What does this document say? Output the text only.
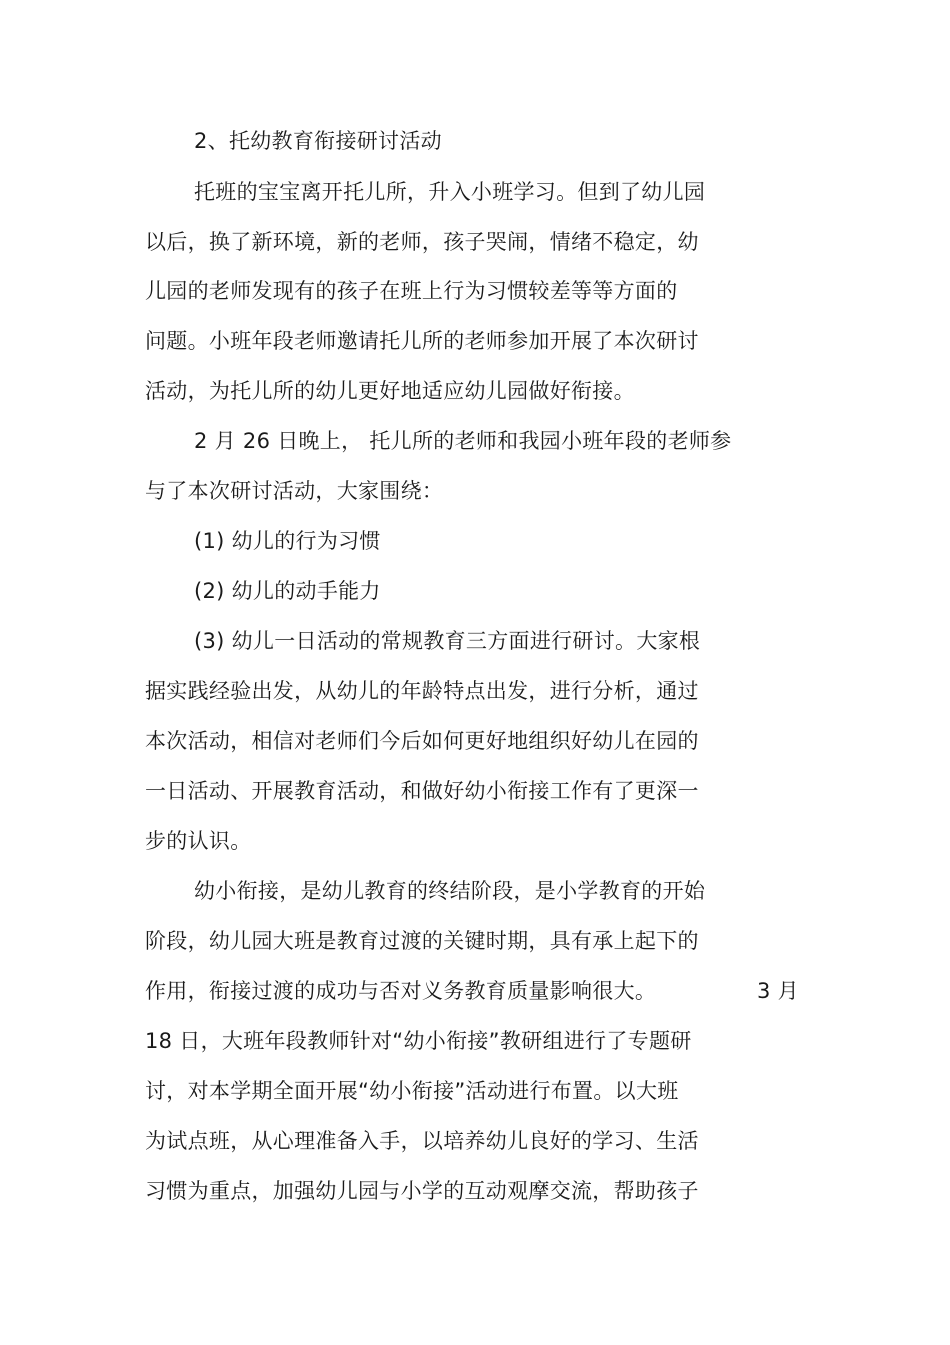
2、托幼教育衔接研讨活动
托班的宝宝离开托儿所，升入小班学习。但到了幼儿园
以后，换了新环境，新的老师，孩子哭闹，情绪不稳定，幼
儿园的老师发现有的孩子在班上行为习惯较差等等方面的
问题。小班年段老师邀请托儿所的老师参加开展了本次研讨
活动，为托儿所的幼儿更好地适应幼儿园做好衔接。
2 月 26 日晚上， 托儿所的老师和我园小班年段的老师参
与了本次研讨活动，大家围绕：
(1) 幼儿的行为习惯
(2) 幼儿的动手能力
(3) 幼儿一日活动的常规教育三方面进行研讨。大家根
据实践经验出发，从幼儿的年龄特点出发，进行分析，通过
本次活动，相信对老师们今后如何更好地组织好幼儿在园的
一日活动、开展教育活动，和做好幼小衔接工作有了更深一
步的认识。
幼小衔接，是幼儿教育的终结阶段，是小学教育的开始
阶段，幼儿园大班是教育过渡的关键时期，具有承上起下的
作用，衔接过渡的成功与否对义务教育质量影响很大。	3 月
18 日，大班年段教师针对“幼小衔接”教研组进行了专题研
讨，对本学期全面开展“幼小衔接”活动进行布置。以大班
为试点班，从心理准备入手，以培养幼儿良好的学习、生活
习惯为重点，加强幼儿园与小学的互动观摩交流，帮助孩子
